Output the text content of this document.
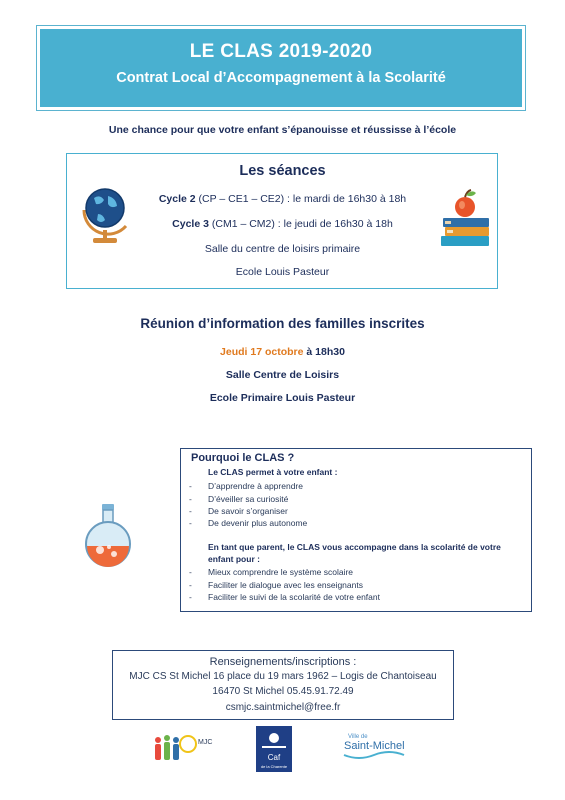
LE CLAS 2019-2020
Contrat Local d’Accompagnement à la Scolarité
Une chance pour que votre enfant s’épanouisse et réussisse à l’école
Les séances
Cycle 2 (CP – CE1 – CE2) : le mardi de 16h30 à 18h
Cycle 3 (CM1 – CM2) : le jeudi de 16h30 à 18h
Salle du centre de loisirs primaire
Ecole Louis Pasteur
Réunion d’information des familles inscrites
Jeudi 17 octobre à 18h30
Salle Centre de Loisirs
Ecole Primaire Louis Pasteur
Pourquoi le CLAS ?
Le CLAS permet à votre enfant :
- D’apprendre à apprendre
- D’éveiller sa curiosité
- De savoir s’organiser
- De devenir plus autonome
En tant que parent, le CLAS vous accompagne dans la scolarité de votre
enfant pour :
- Mieux comprendre le système scolaire
- Faciliter le dialogue avec les enseignants
- Faciliter le suivi de la scolarité de votre enfant
Renseignements/inscriptions :
MJC CS St Michel 16 place du 19 mars 1962 – Logis de Chantoiseau
16470 St Michel 05.45.91.72.49
csmjc.saintmichel@free.fr
MJC
Caf
de la Charente
Ville de
Saint-Michel
